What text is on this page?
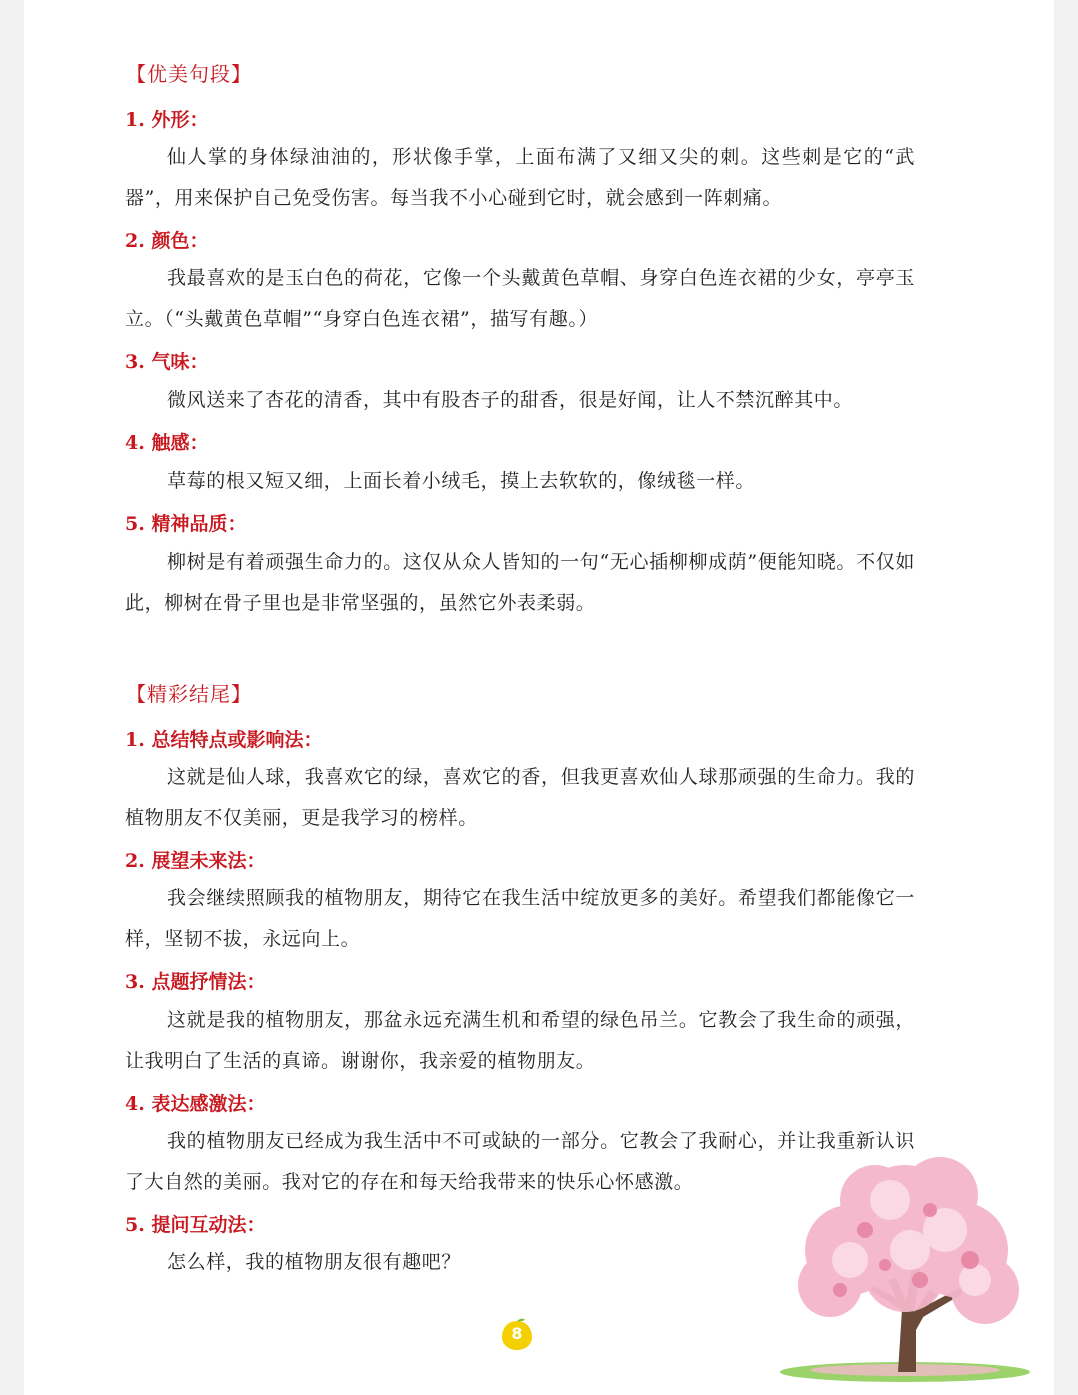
【优美句段】
1. 外形：
仙人掌的身体绿油油的，形状像手掌，上面布满了又细又尖的刺。这些刺是它的“武器”，用来保护自己免受伤害。每当我不小心碰到它时，就会感到一阵刺痛。
2. 颜色：
我最喜欢的是玉白色的荷花，它像一个头戴黄色草帽、身穿白色连衣裙的少女，亭亭玉立。（“头戴黄色草帽”“身穿白色连衣裙”，描写有趣。）
3. 气味：
微风送来了杏花的清香，其中有股杏子的甜香，很是好闻，让人不禁沉醉其中。
4. 触感：
草莓的根又短又细，上面长着小绒毛，摸上去软软的，像绒毯一样。
5. 精神品质：
柳树是有着顽强生命力的。这仅从众人皆知的一句“无心插柳柳成荫”便能知晓。不仅如此，柳树在骨子里也是非常坚强的，虽然它外表柔弱。
【精彩结尾】
1. 总结特点或影响法：
这就是仙人球，我喜欢它的绿，喜欢它的香，但我更喜欢仙人球那顽强的生命力。我的植物朋友不仅美丽，更是我学习的榜样。
2. 展望未来法：
我会继续照顾我的植物朋友，期待它在我生活中绽放更多的美好。希望我们都能像它一样，坚韧不拔，永远向上。
3. 点题抒情法：
这就是我的植物朋友，那盆永远充满生机和希望的绿色吊兰。它教会了我生命的顽强，让我明白了生活的真谛。谢谢你，我亲爱的植物朋友。
4. 表达感激法：
我的植物朋友已经成为我生活中不可或缺的一部分。它教会了我耐心，并让我重新认识了大自然的美丽。我对它的存在和每天给我带来的快乐心怀感激。
5. 提问互动法：
怎么样，我的植物朋友很有趣吧？
8
